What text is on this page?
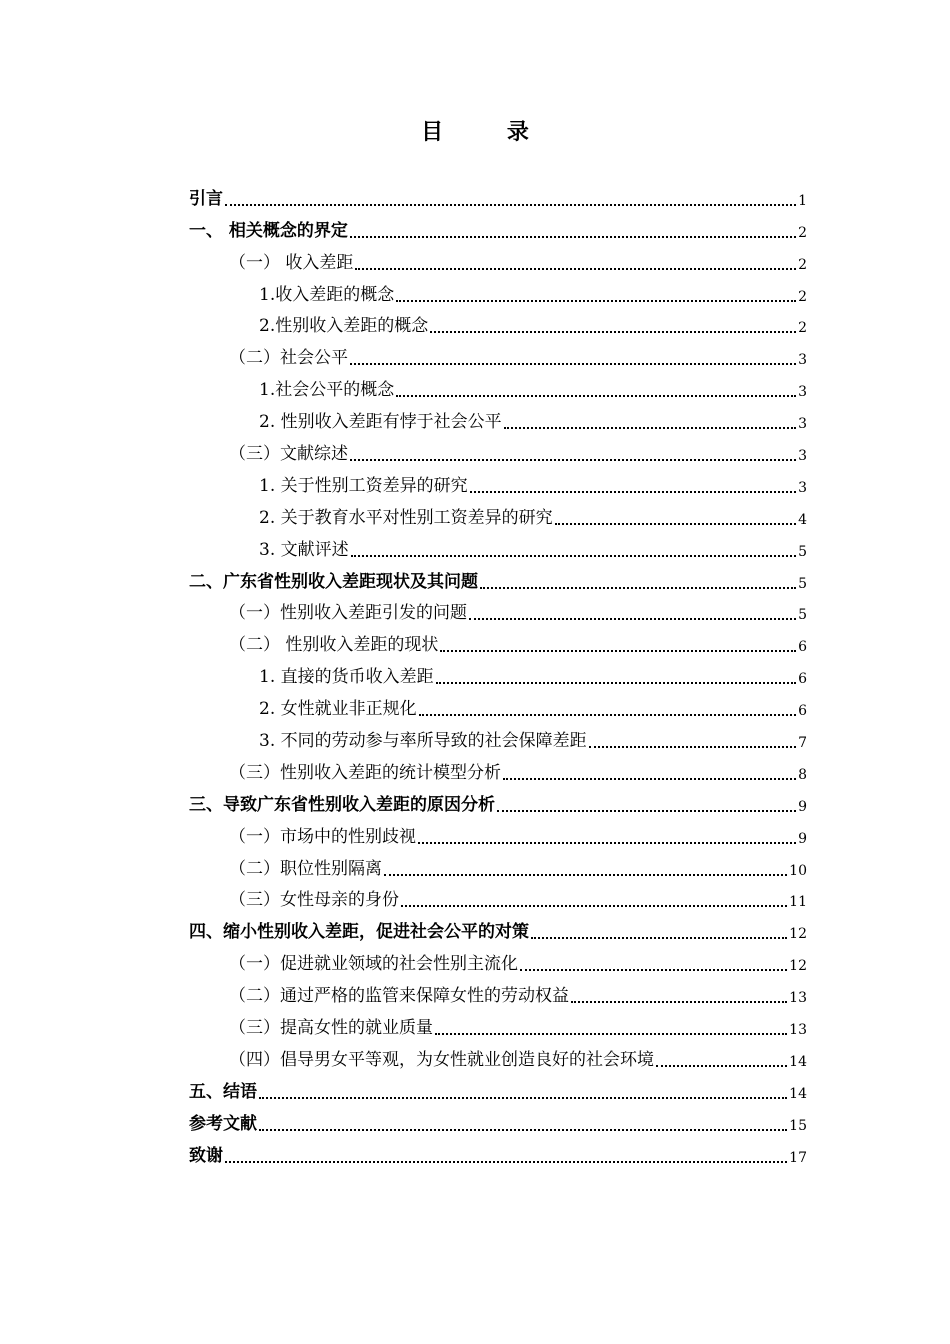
目 录
引言	1
一、 相关概念的界定	2
（一） 收入差距	2
1.收入差距的概念	2
2.性别收入差距的概念	2
（二）社会公平	3
1.社会公平的概念	3
2. 性别收入差距有悖于社会公平	3
（三）文献综述	3
1. 关于性别工资差异的研究	3
2. 关于教育水平对性别工资差异的研究	4
3. 文献评述	5
二、广东省性别收入差距现状及其问题	5
（一）性别收入差距引发的问题	5
（二） 性别收入差距的现状	6
1. 直接的货币收入差距	6
2. 女性就业非正规化	6
3. 不同的劳动参与率所导致的社会保障差距	7
（三）性别收入差距的统计模型分析	8
三、导致广东省性别收入差距的原因分析	9
（一）市场中的性别歧视	9
（二）职位性别隔离	10
（三）女性母亲的身份	11
四、缩小性别收入差距，促进社会公平的对策	12
（一）促进就业领域的社会性别主流化	12
（二）通过严格的监管来保障女性的劳动权益	13
（三）提高女性的就业质量	13
（四）倡导男女平等观，为女性就业创造良好的社会环境	14
五、结语	14
参考文献	15
致谢	17
